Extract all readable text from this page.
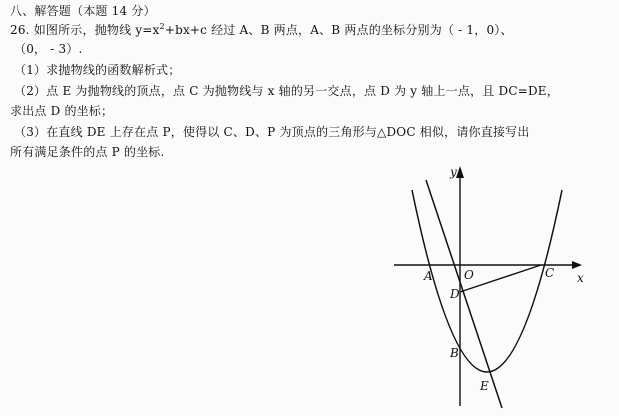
八、解答题（本题 14 分）
26. 如图所示，抛物线 $y=x^2+bx+c$ 经过 A、B 两点，A、B 两点的坐标分别为（ - 1，0）、
（0， - 3）.
（1）求抛物线的函数解析式；
（2）点 E 为抛物线的顶点，点 C 为抛物线与 x 轴的另一交点，点 D 为 y 轴上一点，且 DC=DE，
求出点 D 的坐标；
（3）在直线 DE 上存在点 P，使得以 C、D、P 为顶点的三角形与△DOC 相似，请你直接写出
所有满足条件的点 P 的坐标.
y
x
A	O	C
D
B
E
